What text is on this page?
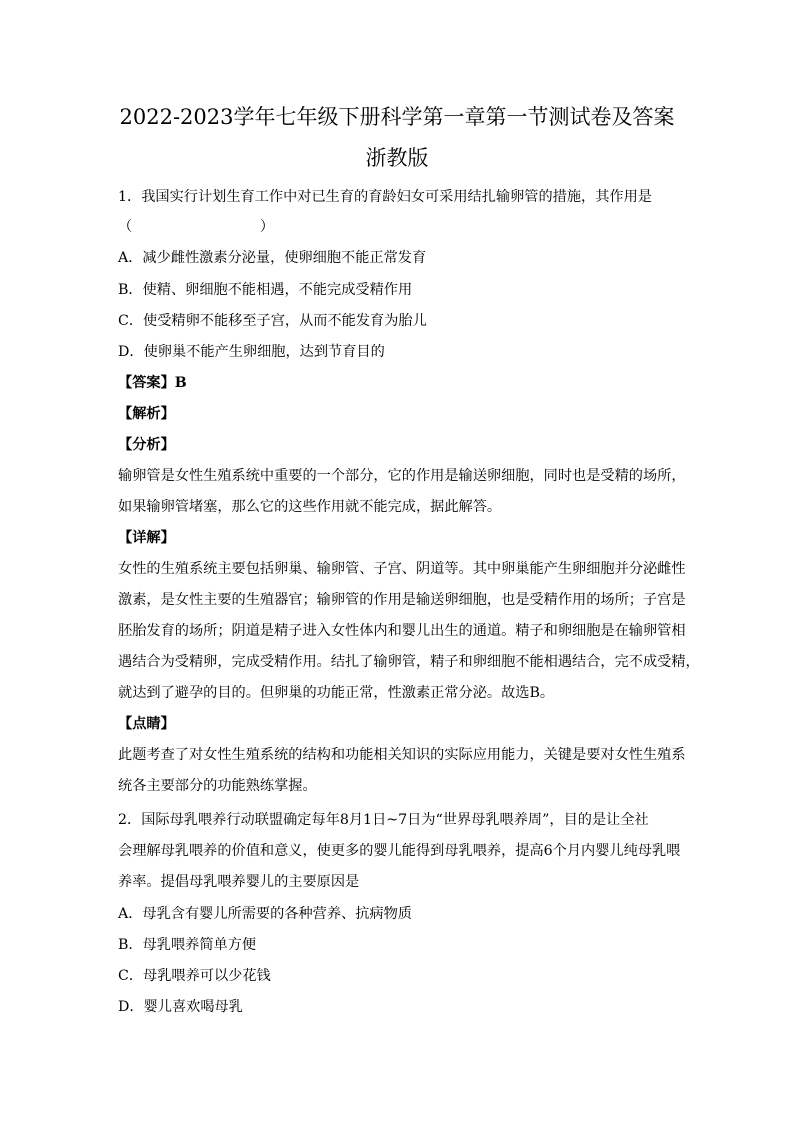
2022-2023学年七年级下册科学第一章第一节测试卷及答案
浙教版
1．我国实行计划生育工作中对已生育的育龄妇女可采用结扎输卵管的措施，其作用是
（　　　　　　　　　）
A．减少雌性激素分泌量，使卵细胞不能正常发育
B．使精、卵细胞不能相遇，不能完成受精作用
C．使受精卵不能移至子宫，从而不能发育为胎儿
D．使卵巢不能产生卵细胞，达到节育目的
【答案】B
【解析】
【分析】
输卵管是女性生殖系统中重要的一个部分，它的作用是输送卵细胞，同时也是受精的场所，
如果输卵管堵塞，那么它的这些作用就不能完成，据此解答。
【详解】
女性的生殖系统主要包括卵巢、输卵管、子宫、阴道等。其中卵巢能产生卵细胞并分泌雌性
激素，是女性主要的生殖器官；输卵管的作用是输送卵细胞，也是受精作用的场所；子宫是
胚胎发育的场所；阴道是精子进入女性体内和婴儿出生的通道。精子和卵细胞是在输卵管相
遇结合为受精卵，完成受精作用。结扎了输卵管，精子和卵细胞不能相遇结合，完不成受精，
就达到了避孕的目的。但卵巢的功能正常，性激素正常分泌。故选B。
【点睛】
此题考查了对女性生殖系统的结构和功能相关知识的实际应用能力，关键是要对女性生殖系
统各主要部分的功能熟练掌握。
2．国际母乳喂养行动联盟确定每年8月1日~7日为“世界母乳喂养周”，目的是让全社
会理解母乳喂养的价值和意义，使更多的婴儿能得到母乳喂养，提高6个月内婴儿纯母乳喂
养率。提倡母乳喂养婴儿的主要原因是
A．母乳含有婴儿所需要的各种营养、抗病物质
B．母乳喂养简单方便
C．母乳喂养可以少花钱
D．婴儿喜欢喝母乳
